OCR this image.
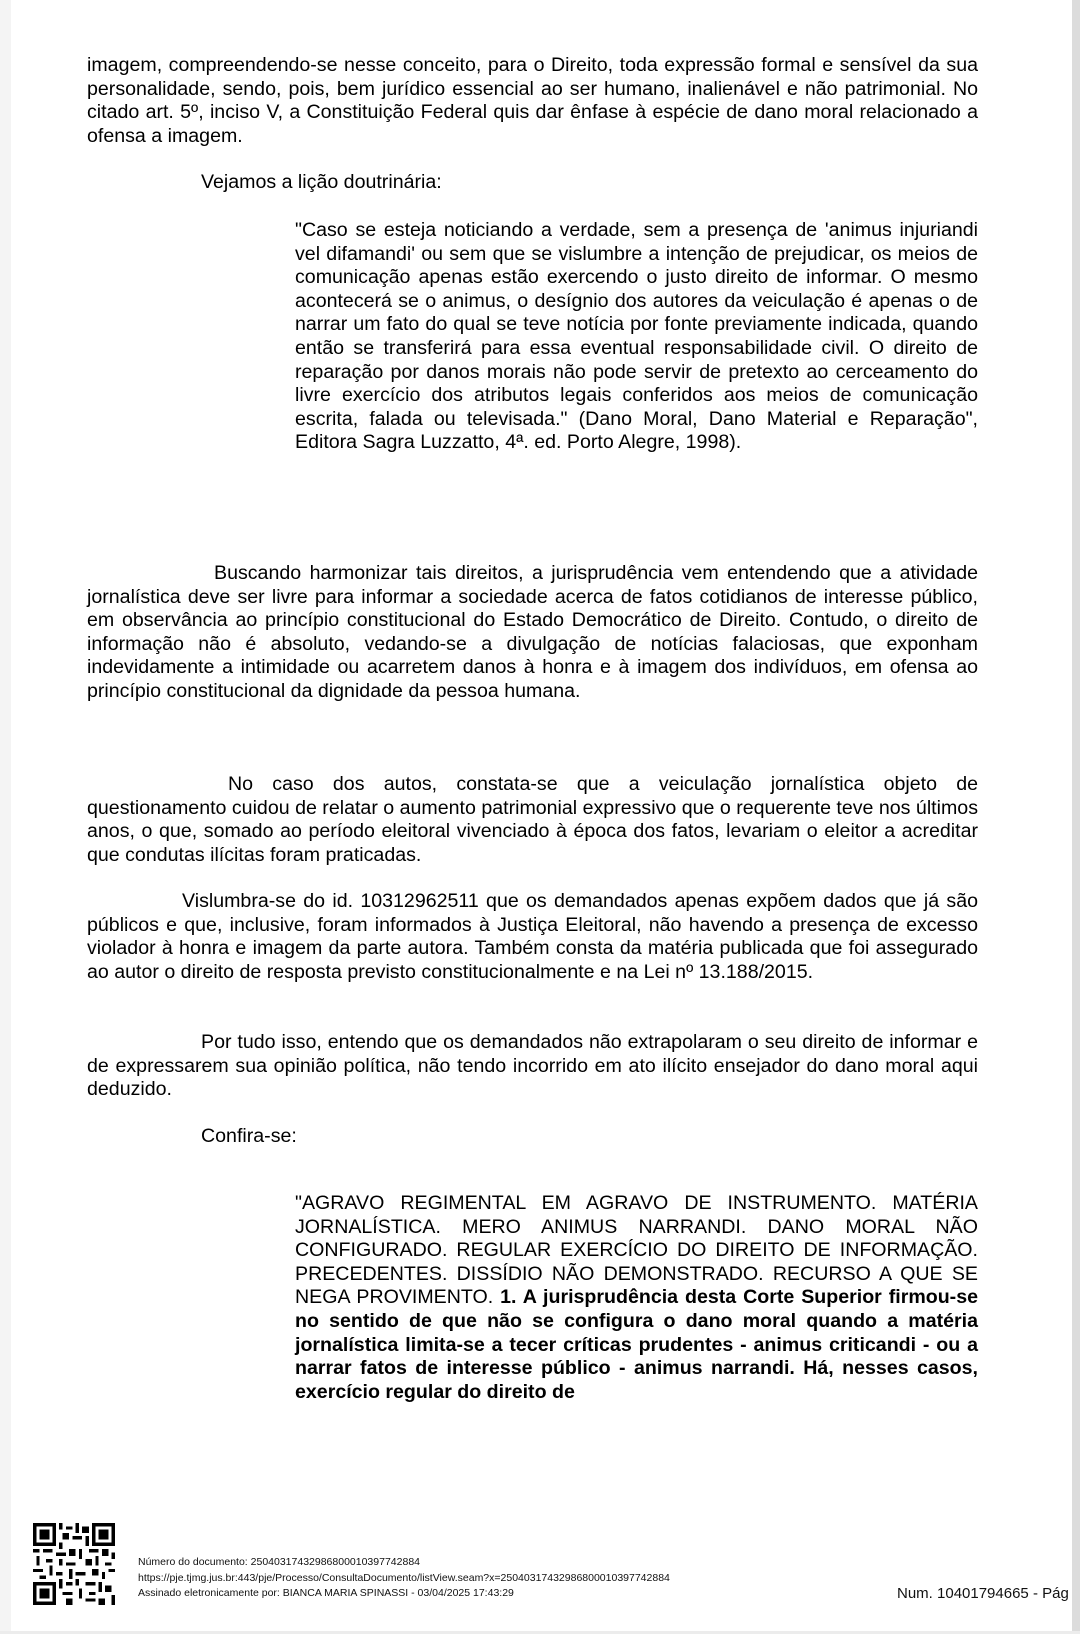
imagem, compreendendo-se nesse conceito, para o Direito, toda expressão formal e sensível da sua personalidade, sendo, pois, bem jurídico essencial ao ser humano, inalienável e não patrimonial. No citado art. 5º, inciso V, a Constituição Federal quis dar ênfase à espécie de dano moral relacionado a ofensa a imagem.

Vejamos a lição doutrinária:

"Caso se esteja noticiando a verdade, sem a presença de 'animus injuriandi vel difamandi' ou sem que se vislumbre a intenção de prejudicar, os meios de comunicação apenas estão exercendo o justo direito de informar. O mesmo acontecerá se o animus, o desígnio dos autores da veiculação é apenas o de narrar um fato do qual se teve notícia por fonte previamente indicada, quando então se transferirá para essa eventual responsabilidade civil. O direito de reparação por danos morais não pode servir de pretexto ao cerceamento do livre exercício dos atributos legais conferidos aos meios de comunicação escrita, falada ou televisada." (Dano Moral, Dano Material e Reparação", Editora Sagra Luzzatto, 4ª. ed. Porto Alegre, 1998).

Buscando harmonizar tais direitos, a jurisprudência vem entendendo que a atividade jornalística deve ser livre para informar a sociedade acerca de fatos cotidianos de interesse público, em observância ao princípio constitucional do Estado Democrático de Direito. Contudo, o direito de informação não é absoluto, vedando-se a divulgação de notícias falaciosas, que exponham indevidamente a intimidade ou acarretem danos à honra e à imagem dos indivíduos, em ofensa ao princípio constitucional da dignidade da pessoa humana.

No caso dos autos, constata-se que a veiculação jornalística objeto de questionamento cuidou de relatar o aumento patrimonial expressivo que o requerente teve nos últimos anos, o que, somado ao período eleitoral vivenciado à época dos fatos, levariam o eleitor a acreditar que condutas ilícitas foram praticadas.

Vislumbra-se do id. 10312962511 que os demandados apenas expõem dados que já são públicos e que, inclusive, foram informados à Justiça Eleitoral, não havendo a presença de excesso violador à honra e imagem da parte autora. Também consta da matéria publicada que foi assegurado ao autor o direito de resposta previsto constitucionalmente e na Lei nº 13.188/2015.

Por tudo isso, entendo que os demandados não extrapolaram o seu direito de informar e de expressarem sua opinião política, não tendo incorrido em ato ilícito ensejador do dano moral aqui deduzido.

Confira-se:

"AGRAVO REGIMENTAL EM AGRAVO DE INSTRUMENTO. MATÉRIA JORNALÍSTICA. MERO ANIMUS NARRANDI. DANO MORAL NÃO CONFIGURADO. REGULAR EXERCÍCIO DO DIREITO DE INFORMAÇÃO. PRECEDENTES. DISSÍDIO NÃO DEMONSTRADO. RECURSO A QUE SE NEGA PROVIMENTO. 1. A jurisprudência desta Corte Superior firmou-se no sentido de que não se configura o dano moral quando a matéria jornalística limita-se a tecer críticas prudentes - animus criticandi - ou a narrar fatos de interesse público - animus narrandi. Há, nesses casos, exercício regular do direito de

Número do documento: 25040317432986800010397742884
https://pje.tjmg.jus.br:443/pje/Processo/ConsultaDocumento/listView.seam?x=25040317432986800010397742884
Assinado eletronicamente por: BIANCA MARIA SPINASSI - 03/04/2025 17:43:29	Num. 10401794665 - Pág
